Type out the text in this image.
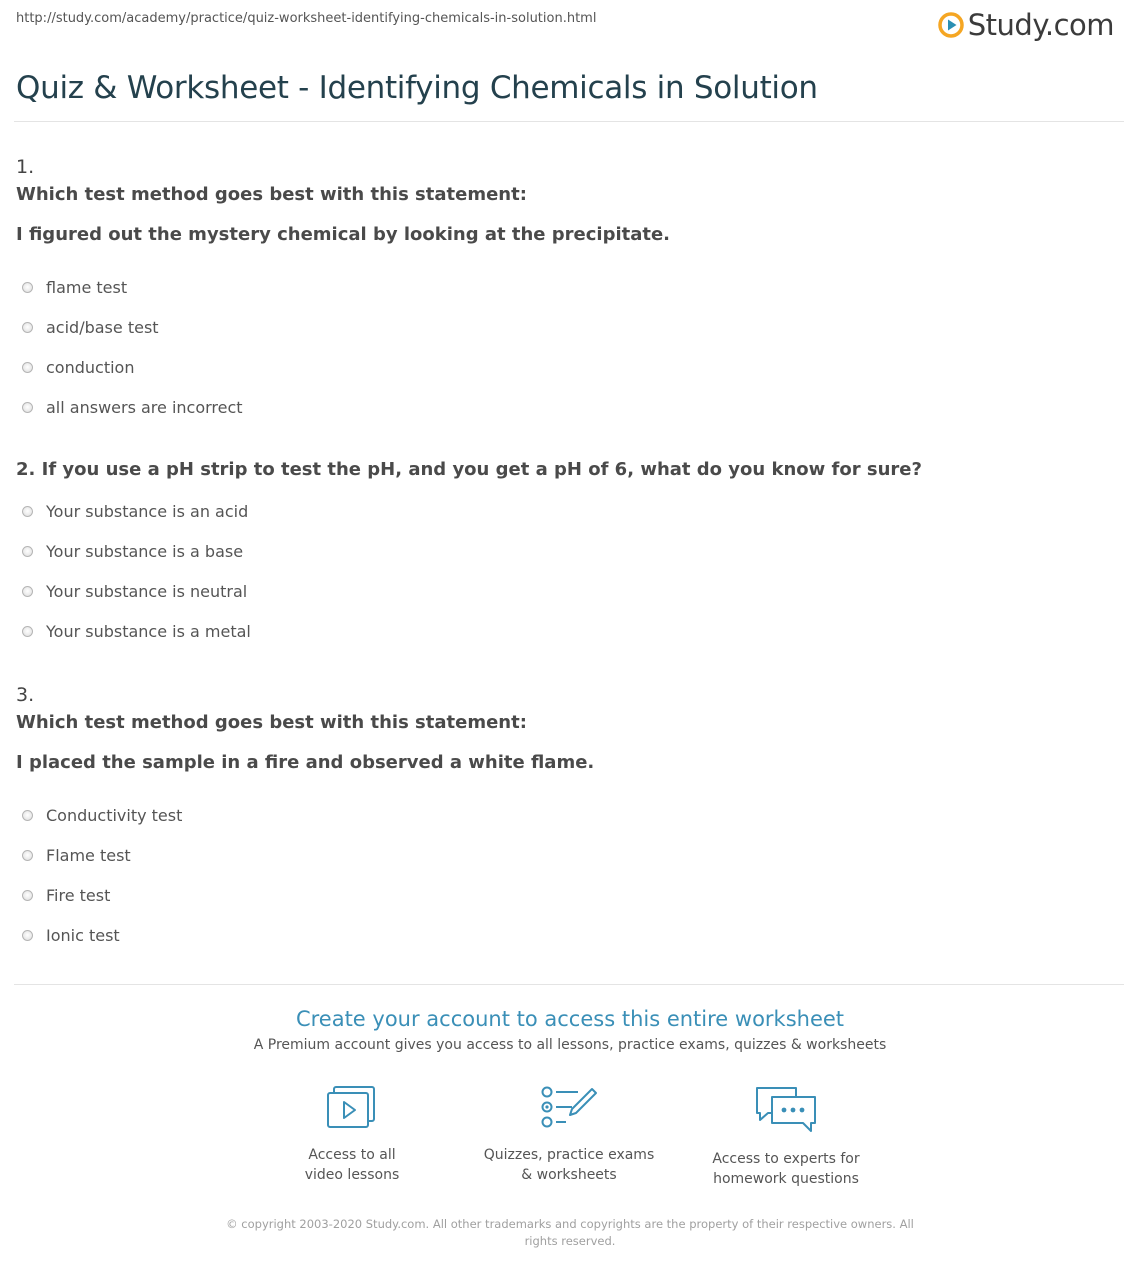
http://study.com/academy/practice/quiz-worksheet-identifying-chemicals-in-solution.html	Study.com
Quiz & Worksheet - Identifying Chemicals in Solution
1.
Which test method goes best with this statement:
I figured out the mystery chemical by looking at the precipitate.
flame test
acid/base test
conduction
all answers are incorrect
2. If you use a pH strip to test the pH, and you get a pH of 6, what do you know for sure?
Your substance is an acid
Your substance is a base
Your substance is neutral
Your substance is a metal
3.
Which test method goes best with this statement:
I placed the sample in a fire and observed a white flame.
Conductivity test
Flame test
Fire test
Ionic test
Create your account to access this entire worksheet
A Premium account gives you access to all lessons, practice exams, quizzes & worksheets
Access to all
video lessons
Quizzes, practice exams
& worksheets
Access to experts for
homework questions
© copyright 2003-2020 Study.com. All other trademarks and copyrights are the property of their respective owners. All rights reserved.
